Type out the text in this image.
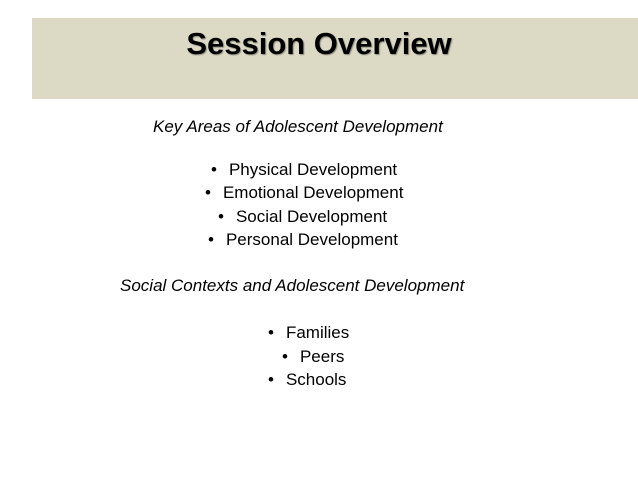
Session Overview
Key Areas of Adolescent Development
• Physical Development
• Emotional Development
• Social Development
• Personal Development
Social Contexts and Adolescent Development
• Families
• Peers
• Schools
